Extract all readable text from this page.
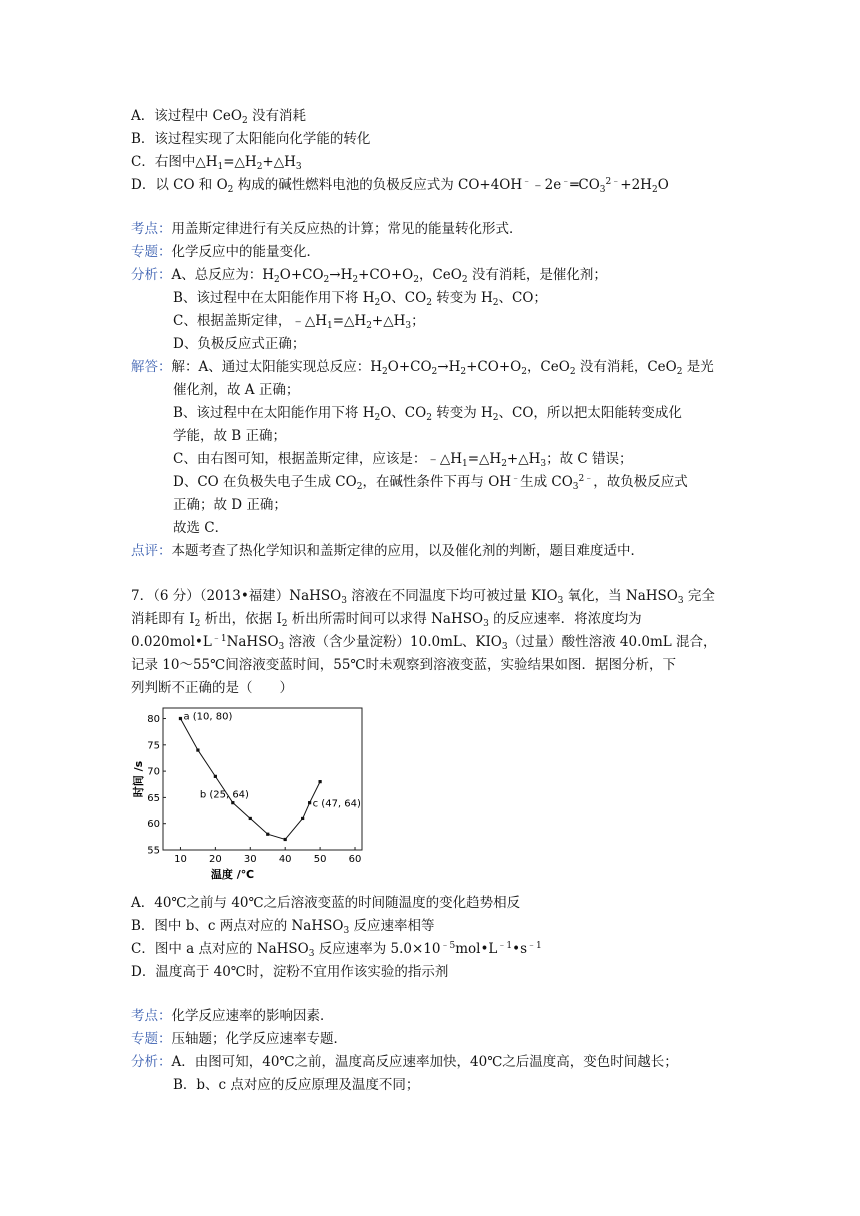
A．该过程中 CeO$_2$ 没有消耗
B．该过程实现了太阳能向化学能的转化
C．右图中$\triangle H_1=\triangle H_2+\triangle H_3$
D．以 CO 和 $O_2$ 构成的碱性燃料电池的负极反应式为 $CO+4OH^﹣﹣2e^﹣═CO_3^{2﹣}+2H_2O$
考点：用盖斯定律进行有关反应热的计算；常见的能量转化形式．
专题：化学反应中的能量变化．
分析：A、总反应为：$H_2O+CO_2\to H_2+CO+O_2$，CeO$_2$ 没有消耗，是催化剂；
B、该过程中在太阳能作用下将 $H_2O$、$CO_2$ 转变为 $H_2$、CO；
C、根据盖斯定律，$﹣\triangle H_1=\triangle H_2+\triangle H_3$；
D、负极反应式正确；
解答：解：A、通过太阳能实现总反应：$H_2O+CO_2\to H_2+CO+O_2$，CeO$_2$ 没有消耗，CeO$_2$ 是光
催化剂，故 A 正确；
B、该过程中在太阳能作用下将 $H_2O$、$CO_2$ 转变为 $H_2$、CO，所以把太阳能转变成化
学能，故 B 正确；
C、由右图可知，根据盖斯定律，应该是：$﹣\triangle H_1=\triangle H_2+\triangle H_3$；故 C 错误；
D、CO 在负极失电子生成 $CO_2$，在碱性条件下再与 OH﹣生成 $CO_3^{2﹣}$，故负极反应式
正确；故 D 正确；
故选 C．
点评：本题考查了热化学知识和盖斯定律的应用，以及催化剂的判断，题目难度适中．
7．（6 分）（2013•福建）NaHSO$_3$ 溶液在不同温度下均可被过量 $KIO_3$ 氧化，当 NaHSO$_3$ 完全
消耗即有 $I_2$ 析出，依据 $I_2$ 析出所需时间可以求得 NaHSO$_3$ 的反应速率．将浓度均为
$0.020mol•L^{﹣1}NaHSO_3$ 溶液（含少量淀粉）10.0mL、$KIO_3$（过量）酸性溶液 40.0mL 混合，
记录 10～55℃间溶液变蓝时间，55℃时未观察到溶液变蓝，实验结果如图．据图分析，下
列判断不正确的是（　　）
10 20 30 40 50 60
55
60
65
70
75
80
温度 /℃
时间 /s
a (10, 80)
b (25, 64)
c (47, 64)
A．40℃之前与 40℃之后溶液变蓝的时间随温度的变化趋势相反
B．图中 b、c 两点对应的 NaHSO$_3$ 反应速率相等
C．图中 a 点对应的 NaHSO$_3$ 反应速率为 $5.0\times 10^{﹣5}mol•L^{﹣1}•s^{﹣1}$
D．温度高于 40℃时，淀粉不宜用作该实验的指示剂
考点：化学反应速率的影响因素．
专题：压轴题；化学反应速率专题．
分析：A．由图可知，40℃之前，温度高反应速率加快，40℃之后温度高，变色时间越长；
B．b、c 点对应的反应原理及温度不同；
